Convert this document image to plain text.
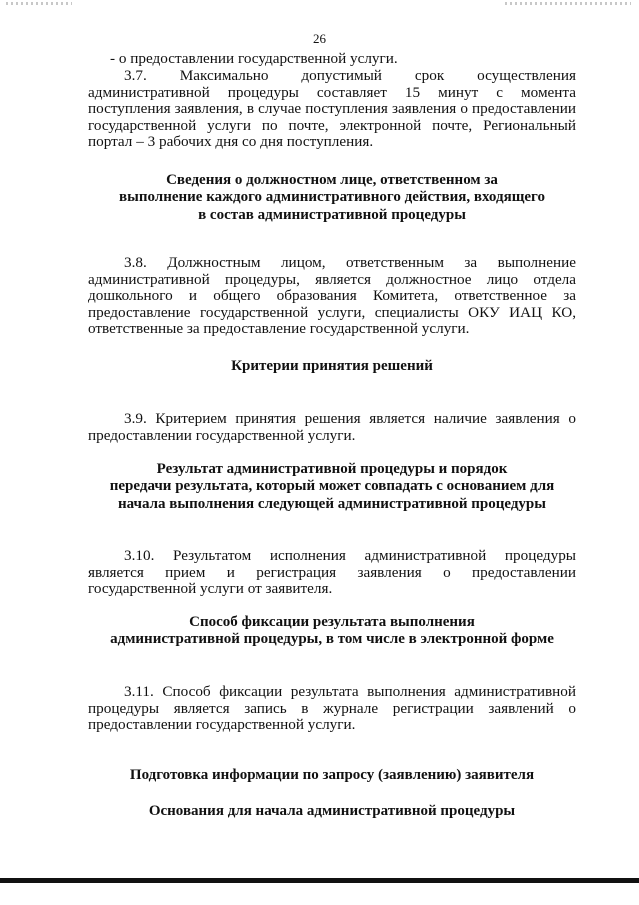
26

- о предоставлении государственной услуги.

3.7. Максимально допустимый срок осуществления административной процедуры составляет 15 минут с момента поступления заявления, в случае поступления заявления о предоставлении государственной услуги по почте, электронной почте, Региональный портал – 3 рабочих дня со дня поступления.

Сведения о должностном лице, ответственном за
выполнение каждого административного действия, входящего
в состав административной процедуры

3.8. Должностным лицом, ответственным за выполнение административной процедуры, является должностное лицо отдела дошкольного и общего образования Комитета, ответственное за предоставление государственной услуги, специалисты ОКУ ИАЦ КО, ответственные за предоставление государственной услуги.

Критерии принятия решений

3.9. Критерием принятия решения является наличие заявления о предоставлении государственной услуги.

Результат административной процедуры и порядок
передачи результата, который может совпадать с основанием для
начала выполнения следующей административной процедуры

3.10. Результатом исполнения административной процедуры является прием и регистрация заявления о предоставлении государственной услуги от заявителя.

Способ фиксации результата выполнения
административной процедуры, в том числе в электронной форме

3.11. Способ фиксации результата выполнения административной процедуры является запись в журнале регистрации заявлений о предоставлении государственной услуги.

Подготовка информации по запросу (заявлению) заявителя
Основания для начала административной процедуры
